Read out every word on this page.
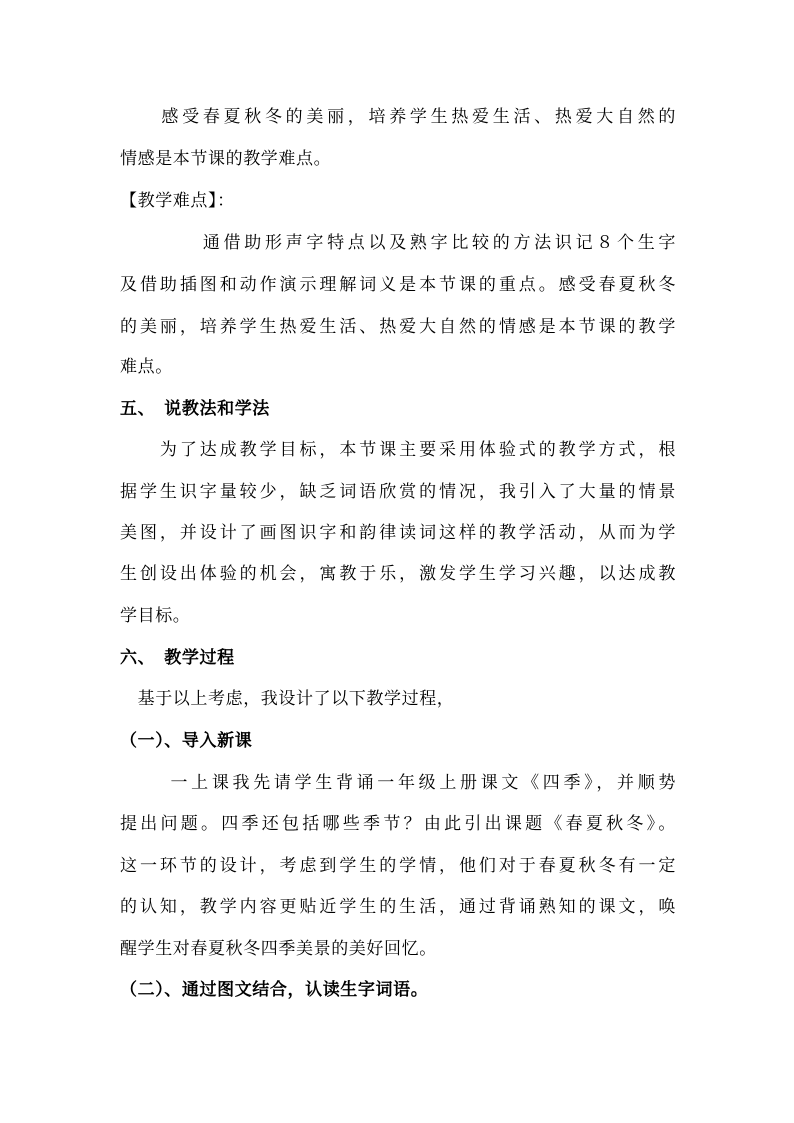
　　感受春夏秋冬的美丽，培养学生热爱生活、热爱大自然的
情感是本节课的教学难点。
【教学难点】：
　　　　通借助形声字特点以及熟字比较的方法识记８个生字
及借助插图和动作演示理解词义是本节课的重点。感受春夏秋冬
的美丽，培养学生热爱生活、热爱大自然的情感是本节课的教学
难点。
五、　说教法和学法
　　为了达成教学目标，本节课主要采用体验式的教学方式，根
据学生识字量较少，缺乏词语欣赏的情况，我引入了大量的情景
美图，并设计了画图识字和韵律读词这样的教学活动，从而为学
生创设出体验的机会，寓教于乐，激发学生学习兴趣，以达成教
学目标。
六、　教学过程
　基于以上考虑，我设计了以下教学过程，
（一）、导入新课
　　 一上课我先请学生背诵一年级上册课文《四季》，并顺势
提出问题。四季还包括哪些季节？由此引出课题《春夏秋冬》。
这一环节的设计，考虑到学生的学情，他们对于春夏秋冬有一定
的认知，教学内容更贴近学生的生活，通过背诵熟知的课文，唤
醒学生对春夏秋冬四季美景的美好回忆。
（二）、通过图文结合，认读生字词语。
